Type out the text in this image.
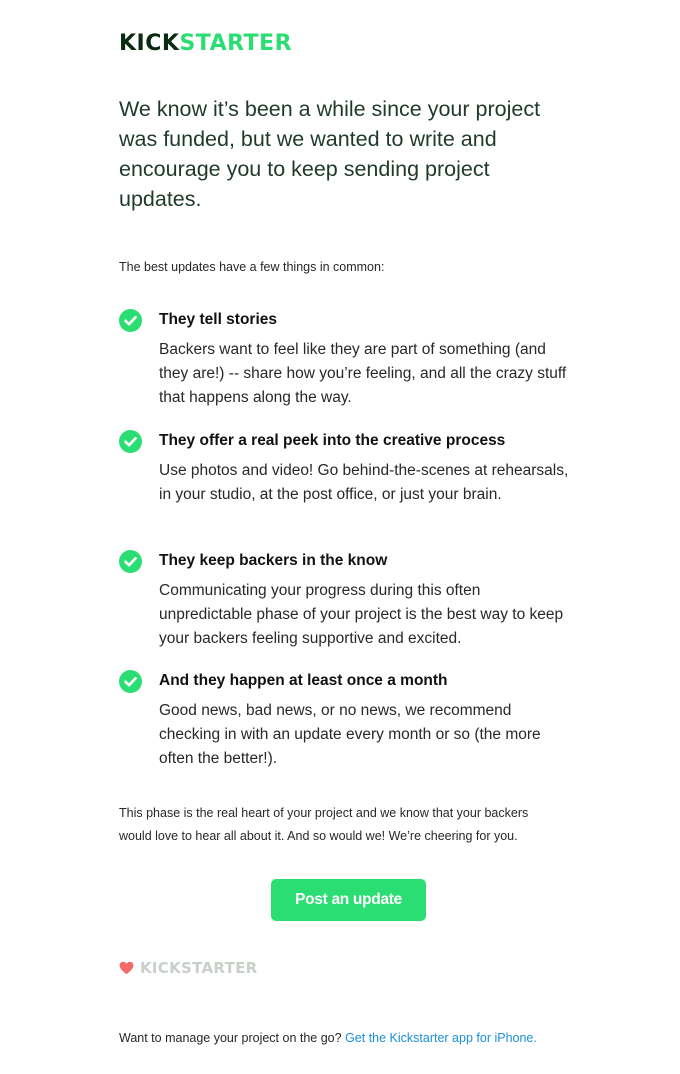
KICKSTARTER

We know it’s been a while since your project was funded, but we wanted to write and encourage you to keep sending project updates.

The best updates have a few things in common:

They tell stories

Backers want to feel like they are part of something (and they are!) -- share how you’re feeling, and all the crazy stuff that happens along the way.

They offer a real peek into the creative process

Use photos and video! Go behind-the-scenes at rehearsals, in your studio, at the post office, or just your brain.

They keep backers in the know

Communicating your progress during this often unpredictable phase of your project is the best way to keep your backers feeling supportive and excited.

And they happen at least once a month

Good news, bad news, or no news, we recommend checking in with an update every month or so (the more often the better!).

This phase is the real heart of your project and we know that your backers would love to hear all about it. And so would we! We’re cheering for you.

Post an update
KICKSTARTER

Want to manage your project on the go? Get the Kickstarter app for iPhone.
